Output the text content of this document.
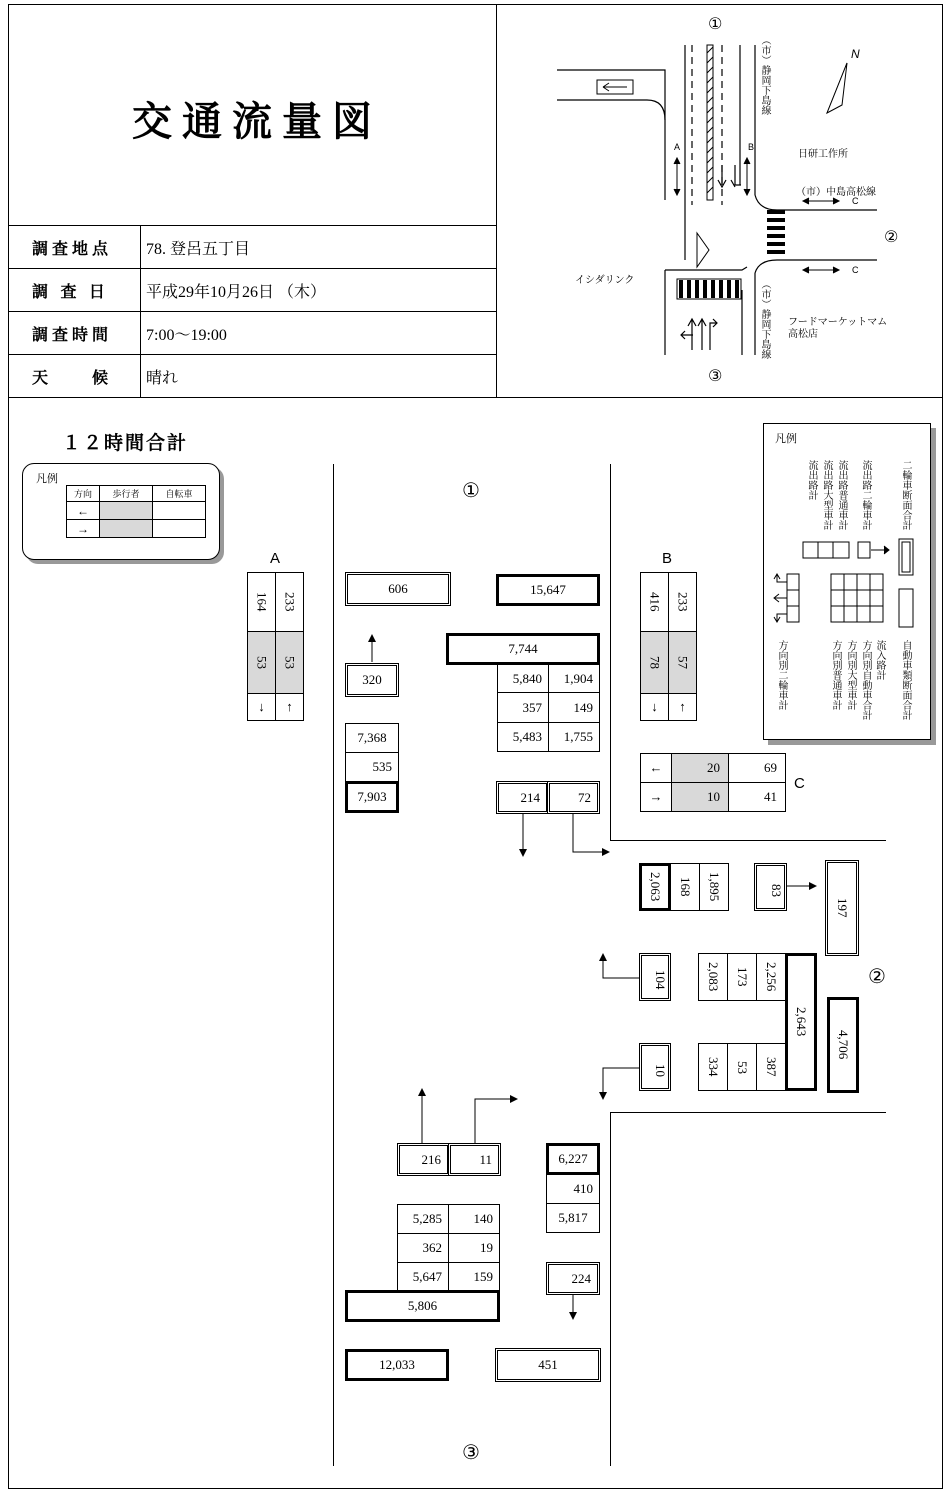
交 通 流 量 図
調査地点 78. 登呂五丁目
調 査 日 平成29年10月26日 （木）
調査時間 7:00～19:00
天　　候 晴れ
①
②
③
N
（市）静岡下島線
（市）静岡下島線
（市）中島高松線
日研工作所
イシダリンク
フードマーケットマム
高松店
A	B
C
C
１２時間合計
凡例
方向	歩行者	自転車
←		
→		
凡例
流出路計 流出路大型車計 流出路普通車計 流出路二輪車計	二輪車断面合計
方向別二輪車計	方向別普通車計 方向別大型車計 方向別自動車合計 流入路計 自動車類断面合計
①
②
③
A
164	233
53	53
↓	↑
B
416	233
78	57
↓	↑
←	20	69
→	10	41
C
606	15,647
320
7,744
5,840	1,904
357	149
5,483	1,755
7,368
535
7,903	214	72
2,063	168	1,895	83
197
104	2,083	173	2,256
2,643
4,706
10	334	53	387
216	11	6,227
410
5,817
5,285	140
362	19
5,647	159
5,806
224
12,033	451
